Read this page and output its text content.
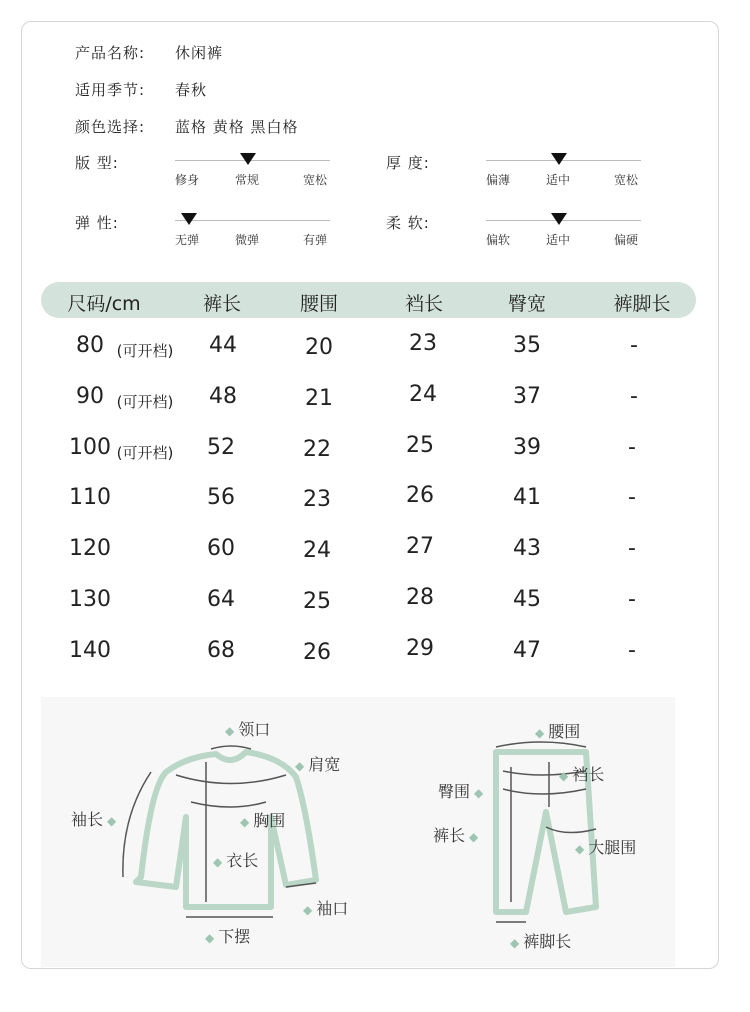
产品名称: 休闲裤
适用季节: 春秋
颜色选择: 蓝格 黄格 黑白格
版 型:
修身	常规	宽松
厚 度:
偏薄	适中	宽松
弹 性:
无弹	微弹	有弹
柔 软:
偏软	适中	偏硬
尺码/cm	裤长	腰围	裆长	臀宽	裤脚长
80 (可开档) 44	20	23	35	-
90 (可开档) 48	21	24	37	-
100 (可开档) 52	22	25	39	-
110	56	23	26	41	-
120	60	24	27	43	-
130	64	25	28	45	-
140	68	26	29	47	-
◆ 领口
◆ 肩宽
袖长 ◆	◆ 胸围
◆ 衣长
◆ 袖口
◆ 下摆
◆ 腰围
◆ 裆长
臀围 ◆
裤长 ◆
◆ 大腿围
◆ 裤脚长
